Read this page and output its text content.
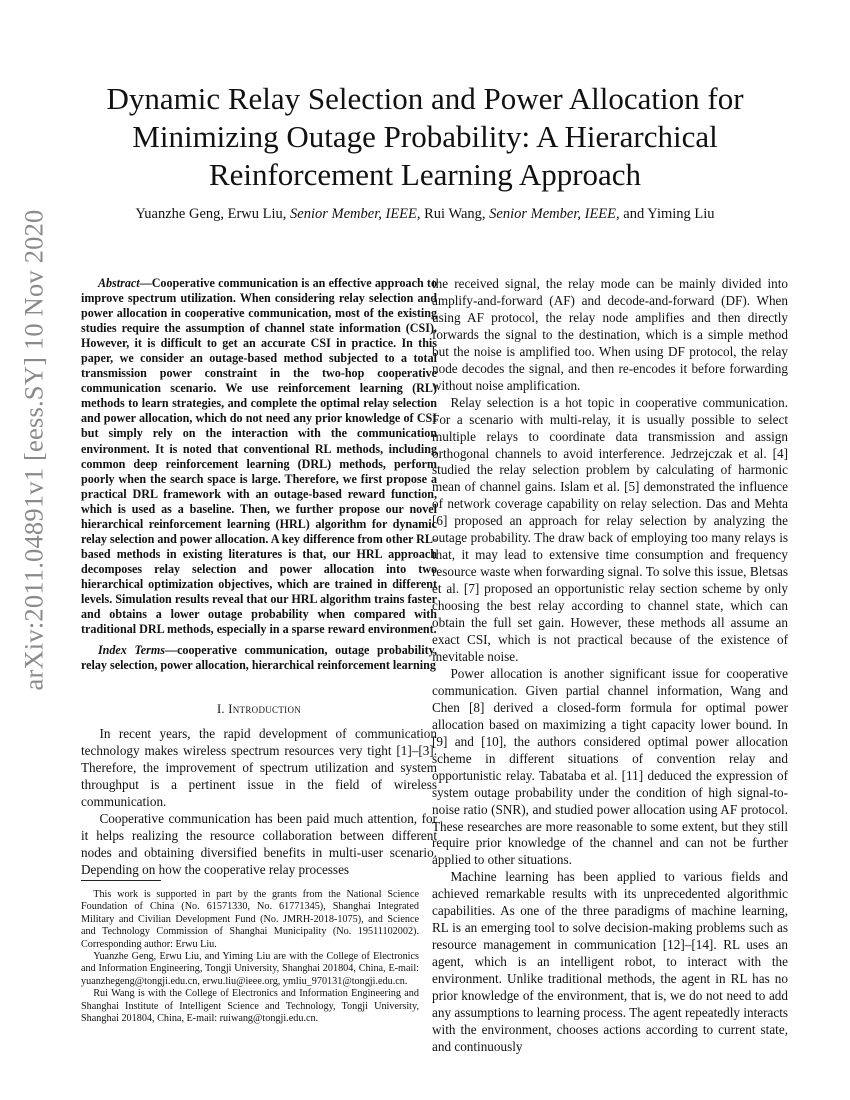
arXiv:2011.04891v1 [eess.SY] 10 Nov 2020
Dynamic Relay Selection and Power Allocation for Minimizing Outage Probability: A Hierarchical Reinforcement Learning Approach
Yuanzhe Geng, Erwu Liu, Senior Member, IEEE, Rui Wang, Senior Member, IEEE, and Yiming Liu

Abstract—Cooperative communication is an effective approach to improve spectrum utilization. When considering relay selection and power allocation in cooperative communication, most of the existing studies require the assumption of channel state information (CSI). However, it is difficult to get an accurate CSI in practice. In this paper, we consider an outage-based method subjected to a total transmission power constraint in the two-hop cooperative communication scenario. We use reinforcement learning (RL) methods to learn strategies, and complete the optimal relay selection and power allocation, which do not need any prior knowledge of CSI but simply rely on the interaction with the communication environment. It is noted that conventional RL methods, including common deep reinforcement learning (DRL) methods, perform poorly when the search space is large. Therefore, we first propose a practical DRL framework with an outage-based reward function, which is used as a baseline. Then, we further propose our novel hierarchical reinforcement learning (HRL) algorithm for dynamic relay selection and power allocation. A key difference from other RL-based methods in existing literatures is that, our HRL approach decomposes relay selection and power allocation into two hierarchical optimization objectives, which are trained in different levels. Simulation results reveal that our HRL algorithm trains faster and obtains a lower outage probability when compared with traditional DRL methods, especially in a sparse reward environment.

Index Terms—cooperative communication, outage probability, relay selection, power allocation, hierarchical reinforcement learning
I. Introduction

In recent years, the rapid development of communication technology makes wireless spectrum resources very tight [1]–[3]. Therefore, the improvement of spectrum utilization and system throughput is a pertinent issue in the field of wireless communication.

Cooperative communication has been paid much attention, for it helps realizing the resource collaboration between different nodes and obtaining diversified benefits in multi-user scenario. Depending on how the cooperative relay processes

This work is supported in part by the grants from the National Science Foundation of China (No. 61571330, No. 61771345), Shanghai Integrated Military and Civilian Development Fund (No. JMRH-2018-1075), and Science and Technology Commission of Shanghai Municipality (No. 19511102002). Corresponding author: Erwu Liu.

Yuanzhe Geng, Erwu Liu, and Yiming Liu are with the College of Electronics and Information Engineering, Tongji University, Shanghai 201804, China, E-mail: yuanzhegeng@tongji.edu.cn, erwu.liu@ieee.org, ymliu_970131@tongji.edu.cn.

Rui Wang is with the College of Electronics and Information Engineering and Shanghai Institute of Intelligent Science and Technology, Tongji University, Shanghai 201804, China, E-mail: ruiwang@tongji.edu.cn.

the received signal, the relay mode can be mainly divided into amplify-and-forward (AF) and decode-and-forward (DF). When using AF protocol, the relay node amplifies and then directly forwards the signal to the destination, which is a simple method but the noise is amplified too. When using DF protocol, the relay node decodes the signal, and then re-encodes it before forwarding without noise amplification.

Relay selection is a hot topic in cooperative communication. For a scenario with multi-relay, it is usually possible to select multiple relays to coordinate data transmission and assign orthogonal channels to avoid interference. Jedrzejczak et al. [4] studied the relay selection problem by calculating of harmonic mean of channel gains. Islam et al. [5] demonstrated the influence of network coverage capability on relay selection. Das and Mehta [6] proposed an approach for relay selection by analyzing the outage probability. The draw back of employing too many relays is that, it may lead to extensive time consumption and frequency resource waste when forwarding signal. To solve this issue, Bletsas et al. [7] proposed an opportunistic relay section scheme by only choosing the best relay according to channel state, which can obtain the full set gain. However, these methods all assume an exact CSI, which is not practical because of the existence of inevitable noise.

Power allocation is another significant issue for cooperative communication. Given partial channel information, Wang and Chen [8] derived a closed-form formula for optimal power allocation based on maximizing a tight capacity lower bound. In [9] and [10], the authors considered optimal power allocation scheme in different situations of convention relay and opportunistic relay. Tabataba et al. [11] deduced the expression of system outage probability under the condition of high signal-to-noise ratio (SNR), and studied power allocation using AF protocol. These researches are more reasonable to some extent, but they still require prior knowledge of the channel and can not be further applied to other situations.

Machine learning has been applied to various fields and achieved remarkable results with its unprecedented algorithmic capabilities. As one of the three paradigms of machine learning, RL is an emerging tool to solve decision-making problems such as resource management in communication [12]–[14]. RL uses an agent, which is an intelligent robot, to interact with the environment. Unlike traditional methods, the agent in RL has no prior knowledge of the environment, that is, we do not need to add any assumptions to learning process. The agent repeatedly interacts with the environment, chooses actions according to current state, and continuously
